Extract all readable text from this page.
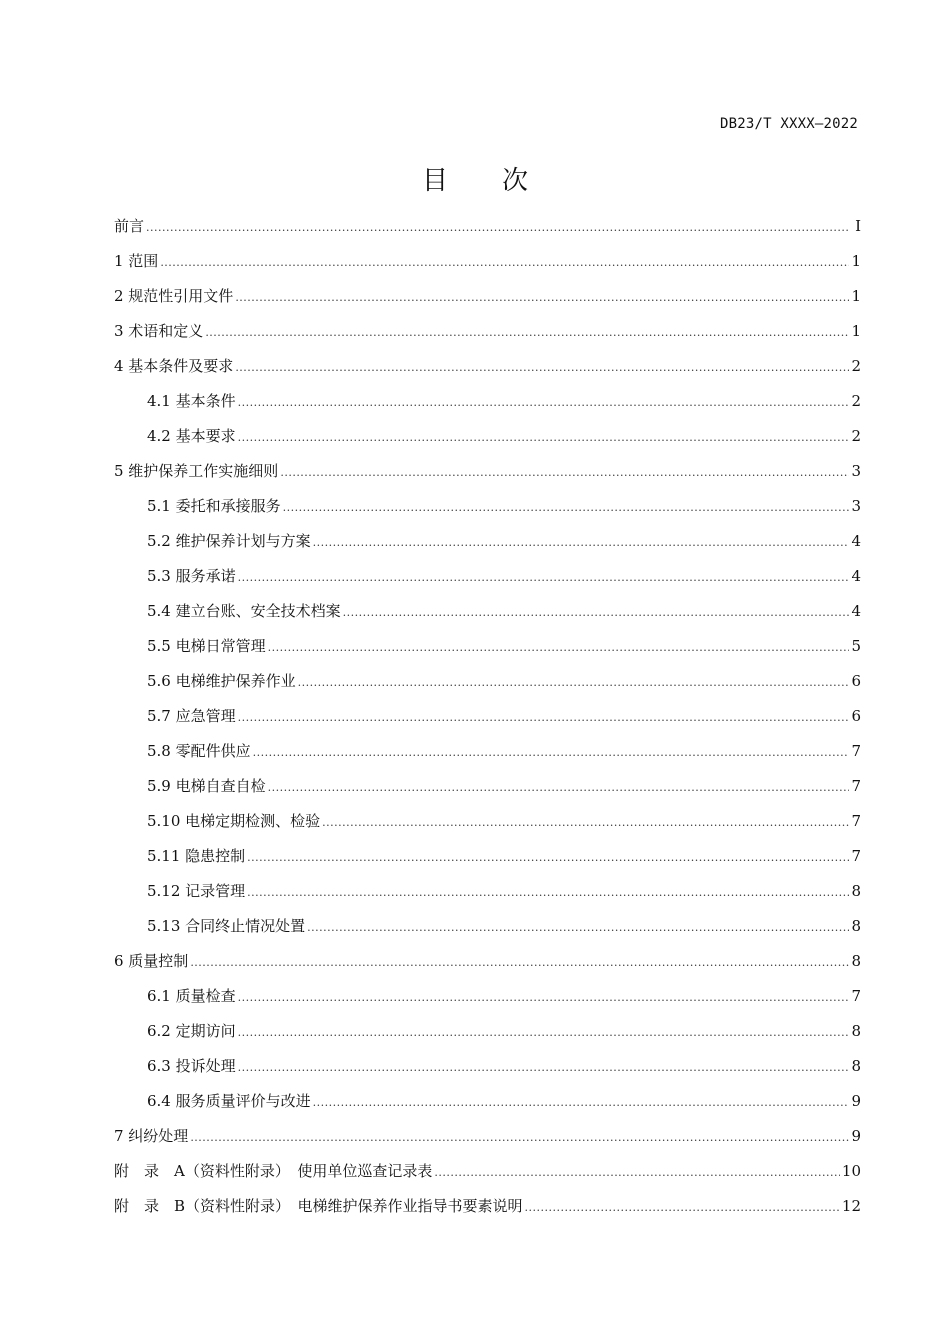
DB23/T XXXX—2022
目次
前言 .....	Ⅰ
1 范围 .....	1
2 规范性引用文件 .....	1
3 术语和定义 .....	1
4 基本条件及要求 .....	2
4.1 基本条件 .....	2
4.2 基本要求 .....	2
5 维护保养工作实施细则 .....	3
5.1 委托和承接服务 .....	3
5.2 维护保养计划与方案 .....	4
5.3 服务承诺 .....	4
5.4 建立台账、安全技术档案 .....	4
5.5 电梯日常管理 .....	5
5.6 电梯维护保养作业 .....	6
5.7 应急管理 .....	6
5.8 零配件供应 .....	7
5.9 电梯自查自检 .....	7
5.10 电梯定期检测、检验 .....	7
5.11 隐患控制 .....	7
5.12 记录管理 .....	8
5.13 合同终止情况处置 .....	8
6 质量控制 .....	8
6.1 质量检查 .....	7
6.2 定期访问 .....	8
6.3 投诉处理 .....	8
6.4 服务质量评价与改进 .....	9
7 纠纷处理 .....	9
附　录　A（资料性附录）　使用单位巡查记录表 .....	10
附　录　B（资料性附录）　电梯维护保养作业指导书要素说明 .....	12
